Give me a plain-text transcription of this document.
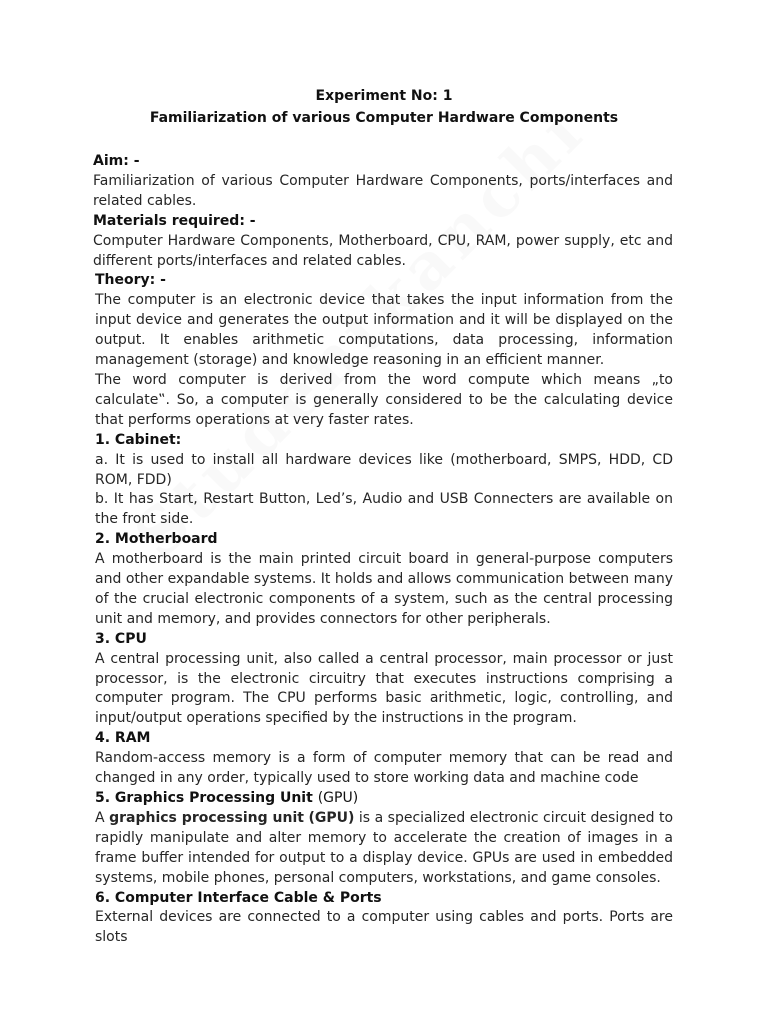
Experiment No: 1
Familiarization of various Computer Hardware Components

Aim: -

Familiarization of various Computer Hardware Components, ports/interfaces and related cables.

Materials required: -

Computer Hardware Components, Motherboard, CPU, RAM, power supply, etc and different ports/interfaces and related cables.

Theory: -

The computer is an electronic device that takes the input information from the input device and generates the output information and it will be displayed on the output. It enables arithmetic computations, data processing, information management (storage) and knowledge reasoning in an efficient manner.

The word computer is derived from the word compute which means „to calculate‟. So, a computer is generally considered to be the calculating device that performs operations at very faster rates.

1. Cabinet:

a. It is used to install all hardware devices like (motherboard, SMPS, HDD, CD ROM, FDD)

b. It has Start, Restart Button, Led’s, Audio and USB Connecters are available on the front side.

2. Motherboard

A motherboard is the main printed circuit board in general-purpose computers and other expandable systems. It holds and allows communication between many of the crucial electronic components of a system, such as the central processing unit and memory, and provides connectors for other peripherals.

3. CPU

A central processing unit, also called a central processor, main processor or just processor, is the electronic circuitry that executes instructions comprising a computer program. The CPU performs basic arithmetic, logic, controlling, and input/output operations specified by the instructions in the program.

4. RAM

Random-access memory is a form of computer memory that can be read and changed in any order, typically used to store working data and machine code

5. Graphics Processing Unit (GPU)

A graphics processing unit (GPU) is a specialized electronic circuit designed to rapidly manipulate and alter memory to accelerate the creation of images in a frame buffer intended for output to a display device. GPUs are used in embedded systems, mobile phones, personal computers, workstations, and game consoles.

6. Computer Interface Cable & Ports

External devices are connected to a computer using cables and ports. Ports are slots
